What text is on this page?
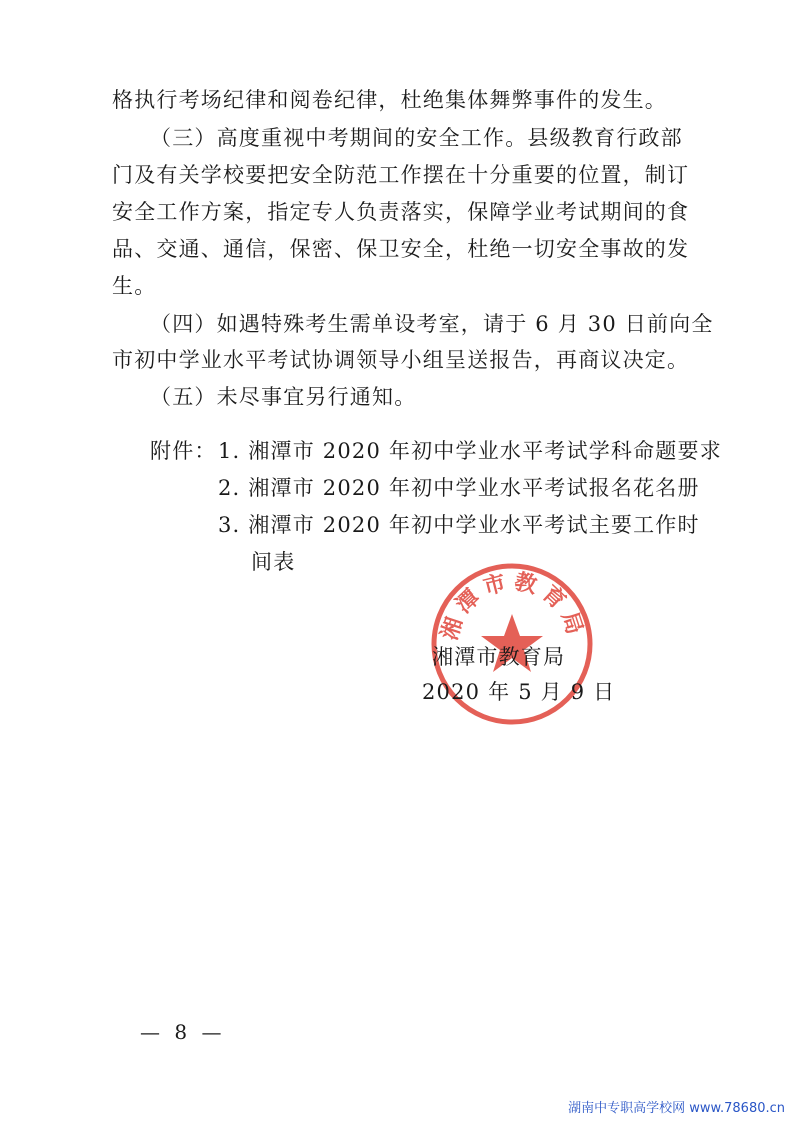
格执行考场纪律和阅卷纪律，杜绝集体舞弊事件的发生。
（三）高度重视中考期间的安全工作。县级教育行政部
门及有关学校要把安全防范工作摆在十分重要的位置，制订
安全工作方案，指定专人负责落实，保障学业考试期间的食
品、交通、通信，保密、保卫安全，杜绝一切安全事故的发
生。
（四）如遇特殊考生需单设考室，请于 6 月 30 日前向全
市初中学业水平考试协调领导小组呈送报告，再商议决定。
（五）未尽事宜另行通知。
附件： 1. 湘潭市 2020 年初中学业水平考试学科命题要求
2. 湘潭市 2020 年初中学业水平考试报名花名册
3. 湘潭市 2020 年初中学业水平考试主要工作时
间表
湘潭市教育局
湘潭市教育局
2020 年 5 月 9 日
— 8 —
湖南中专职高学校网 www.78680.cn
